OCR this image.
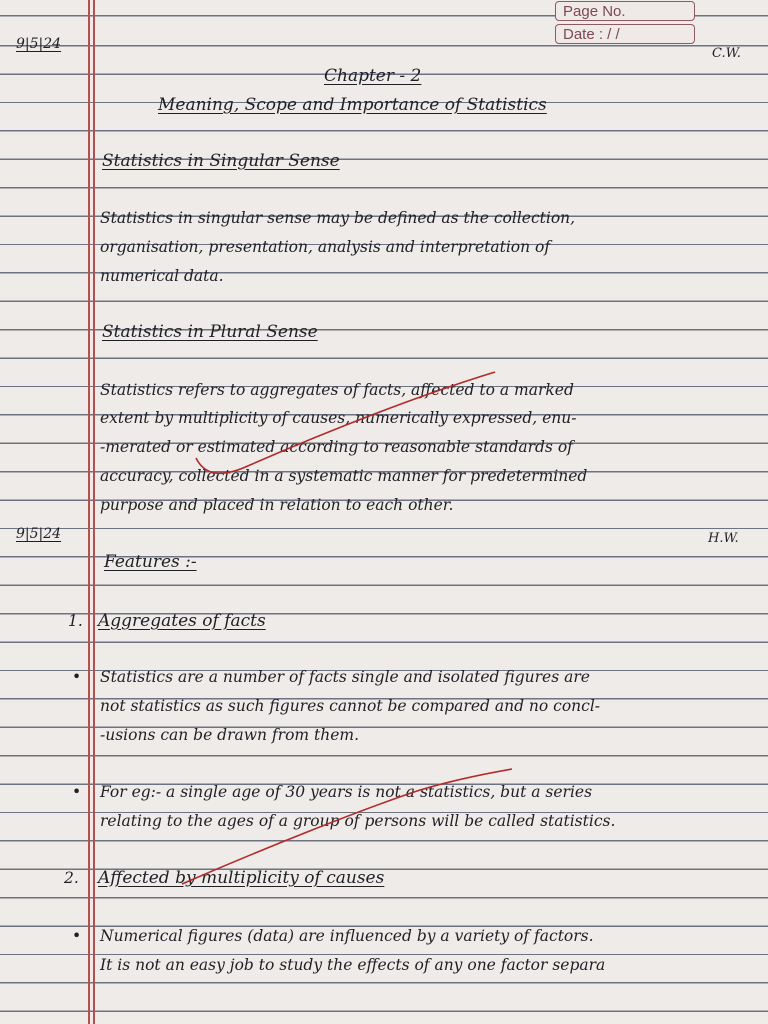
Page No.
Date : / /
9|5|24
C.W.
Chapter - 2
Meaning, Scope and Importance of Statistics
Statistics in Singular Sense
Statistics in singular sense may be defined as the collection,
organisation, presentation, analysis and interpretation of
numerical data.
Statistics in Plural Sense
Statistics refers to aggregates of facts, affected to a marked
extent by multiplicity of causes, numerically expressed, enu-
-merated or estimated according to reasonable standards of
accuracy, collected in a systematic manner for predetermined
purpose and placed in relation to each other.
9|5|24	H.W.
Features :-
1. Aggregates of facts
• Statistics are a number of facts single and isolated figures are
not statistics as such figures cannot be compared and no concl-
-usions can be drawn from them.
• For eg:- a single age of 30 years is not a statistics, but a series
relating to the ages of a group of persons will be called statistics.
2. Affected by multiplicity of causes
• Numerical figures (data) are influenced by a variety of factors.
It is not an easy job to study the effects of any one factor separa
